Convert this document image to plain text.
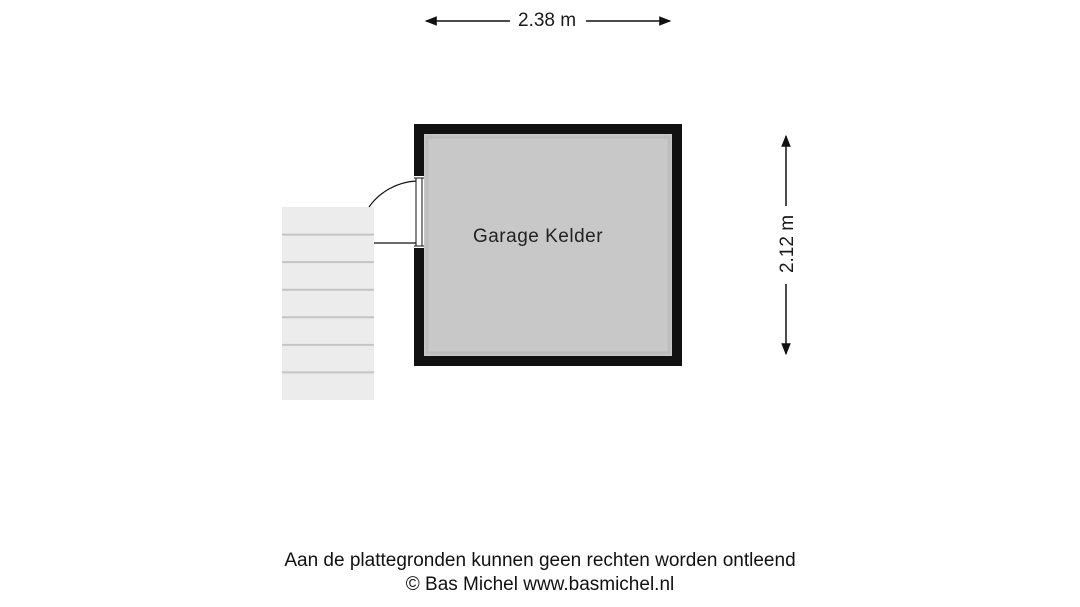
2.38 m
2.12 m
Garage Kelder
Aan de plattegronden kunnen geen rechten worden ontleend
© Bas Michel www.basmichel.nl
